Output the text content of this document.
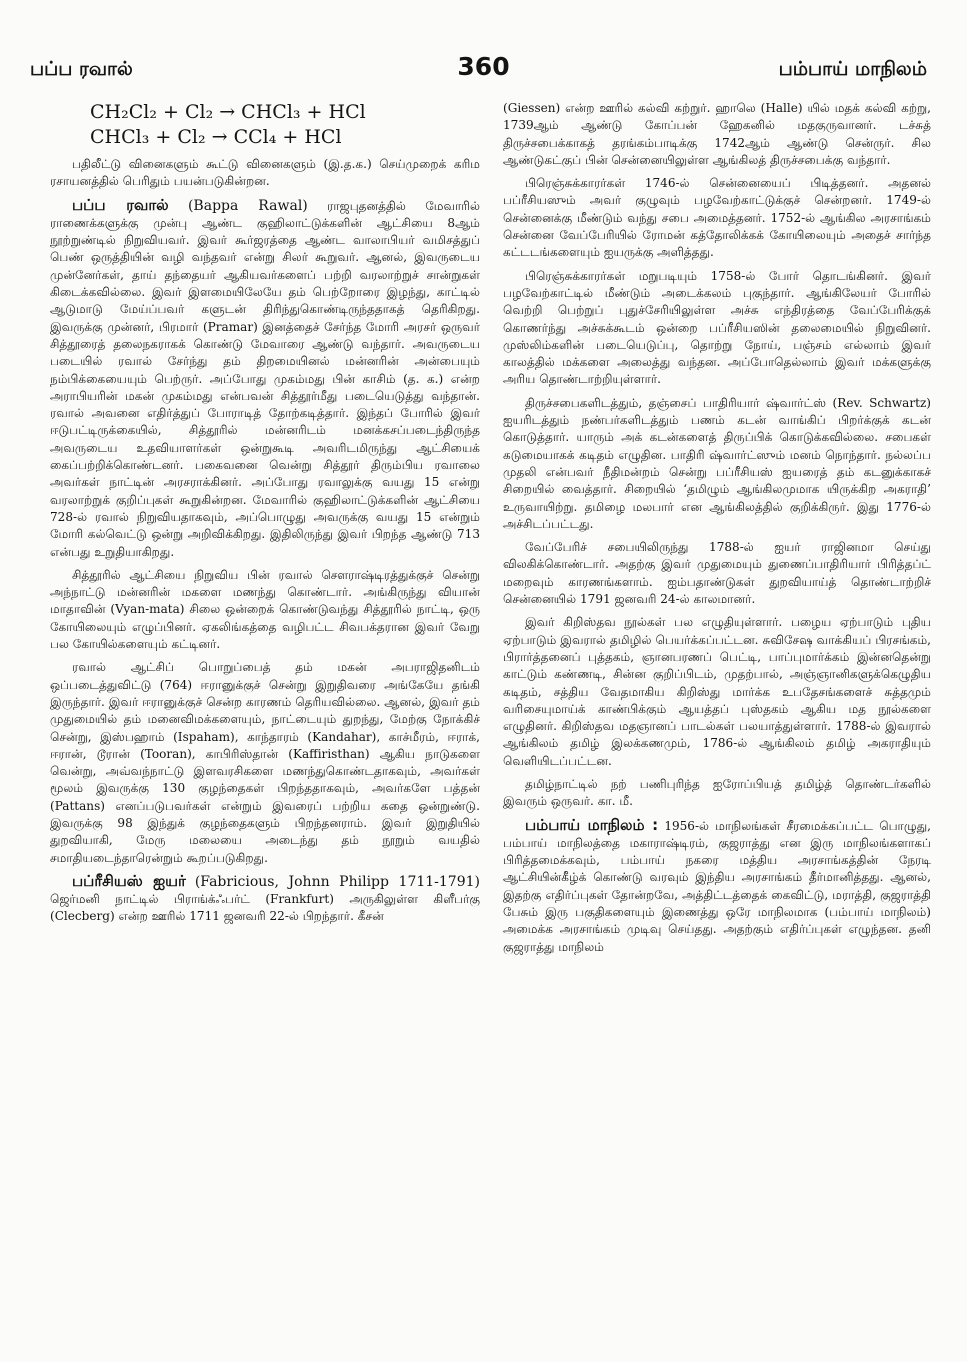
பப்ப ரவால்	360	பம்பாய் மாநிலம்
CH₂Cl₂ + Cl₂ → CHCl₃ + HCl
CHCl₃ + Cl₂ → CCl₄ + HCl

பதிலீட்டு வினைகளும் கூட்டு வினைகளும் (இ.த.க.) செய்முறைக் கரிம ரசாயனத்தில் பெரிதும் பயன்படுகின்றன.

பப்ப ரவால் (Bappa Rawal) ராஜபுதனத்தில் மேவாரில் ராணைக்களுக்கு முன்பு ஆண்ட குஹிலாட்டுக்களின் ஆட்சியை 8ஆம் நூற்றுண்டில் நிறுவியவர். இவர் கூர்ஜரத்தை ஆண்ட வாலாபியர் வமிசத்துப் பெண் ஒருத்தியின் வழி வந்தவர் என்று சிலர் கூறுவர். ஆனல், இவருடைய முன்னேர்கள், தாய் தந்தையர் ஆகியவர்களைப் பற்றி வரலாற்றுச் சான்றுகள் கிடைக்கவில்லை. இவர் இளமையிலேயே தம் பெற்றோரை இழந்து, காட்டில் ஆடுமாடு மேய்ப்பவர் களுடன் திரிந்துகொண்டிருந்ததாகத் தெரிகிறது. இவருக்கு முன்னர், பிரமார் (Pramar) இனத்தைச் சேர்ந்த மோரி அரசர் ஒருவர் சித்தூரைத் தலைநகராகக் கொண்டு மேவாரை ஆண்டு வந்தார். அவருடைய படையில் ரவால் சேர்ந்து தம் திறமையினல் மன்னரின் அன்பையும் நம்பிக்கையையும் பெற்ருர். அப்போது முகம்மது பின் காசிம் (த. க.) என்ற அராபியரின் மகன் முகம்மது என்பவன் சித்தூர்மீது படையெடுத்து வந்தான். ரவால் அவனை எதிர்த்துப் போராடித் தோற்கடித்தார். இந்தப் போரில் இவர் ஈடுபட்டிருக்கையில், சித்தூரில் மன்னரிடம் மனக்கசப்படைந்திருந்த அவருடைய உதவியாளர்கள் ஒன்றுகூடி அவரிடமிருந்து ஆட்சியைக் கைப்பற்றிக்கொண்டனர். பகைவனை வென்று சித்தூர் திரும்பிய ரவாலை அவர்கள் நாட்டின் அரசராக்கினர். அப்போது ரவாலுக்கு வயது 15 என்று வரலாற்றுக் குறிப்புகள் கூறுகின்றன. மேவாரில் குஹிலாட்டுக்களின் ஆட்சியை 728-ல் ரவால் நிறுவியதாகவும், அப்பொழுது அவருக்கு வயது 15 என்றும் மோரி கல்வெட்டு ஒன்று அறிவிக்கிறது. இதிலிருந்து இவர் பிறந்த ஆண்டு 713 என்பது உறுதியாகிறது.

சித்தூரில் ஆட்சியை நிறுவிய பின் ரவால் சௌராஷ்டிரத்துக்குச் சென்று அந்நாட்டு மன்னரின் மகளை மணந்து கொண்டார். அங்கிருந்து வியான் மாதாவின் (Vyan-mata) சிலை ஒன்றைக் கொண்டுவந்து சித்தூரில் நாட்டி, ஒரு கோயிலையும் எழுப்பினர். ஏகலிங்கத்தை வழிபட்ட சிவபக்தரான இவர் வேறு பல கோயில்களையும் கட்டினர்.

ரவால் ஆட்சிப் பொறுப்பைத் தம் மகன் அபராஜிதனிடம் ஒப்படைத்துவிட்டு (764) ஈரானுக்குச் சென்று இறுதிவரை அங்கேயே தங்கி இருந்தார். இவர் ஈரானுக்குச் சென்ற காரணம் தெரியவில்லை. ஆனல், இவர் தம் முதுமையில் தம் மனைவிமக்களையும், நாட்டையும் துறந்து, மேற்கு நோக்கிச் சென்று, இஸ்பஹாம் (Ispaham), காந்தாரம் (Kandahar), காச்மீரம், ஈராக், ஈரான், டூரான் (Tooran), காபிரிஸ்தான் (Kaffiristhan) ஆகிய நாடுகளை வென்று, அவ்வந்நாட்டு இளவரசிகளை மணந்துகொண்டதாகவும், அவர்கள் மூலம் இவருக்கு 130 குழந்தைகள் பிறந்ததாகவும், அவர்களே பத்தன் (Pattans) எனப்படுபவர்கள் என்றும் இவரைப் பற்றிய கதை ஒன்றுண்டு. இவருக்கு 98 இந்துக் குழந்தைகளும் பிறந்தனராம். இவர் இறுதியில் துறவியாகி, மேரு மலையை அடைந்து தம் நூறும் வயதில் சமாதியடைந்தாரென்றும் கூறப்படுகிறது.

பப்ரீசியஸ் ஐயர் (Fabricious, Johnn Philipp 1711-1791) ஜெர்மனி நாட்டில் பிராங்க்ஃபர்ட் (Frankfurt) அருகிலுள்ள கிளீபர்கு (Clecberg) என்ற ஊரில் 1711 ஜனவரி 22-ல் பிறந்தார். கீசன்

(Giessen) என்ற ஊரில் கல்வி கற்றுர். ஹாலெ (Halle) யில் மதக் கல்வி கற்று, 1739ஆம் ஆண்டு கோப்பன் ஹேகனில் மதகுருவானர். டச்சுத் திருச்சபைக்காகத் தரங்கம்பாடிக்கு 1742ஆம் ஆண்டு சென்ருர். சில ஆண்டுகட்குப் பின் சென்னையிலுள்ள ஆங்கிலத் திருச்சபைக்கு வந்தார்.

பிரெஞ்சுக்காரர்கள் 1746-ல் சென்னையைப் பிடித்தனர். அதனல் பப்ரீசியஸும் அவர் குழுவும் பழவேற்காட்டுக்குச் சென்றனர். 1749-ல் சென்னைக்கு மீண்டும் வந்து சபை அமைத்தனர். 1752-ல் ஆங்கில அரசாங்கம் சென்னை வேப்பேரியில் ரோமன் கத்தோலிக்கக் கோயிலையும் அதைச் சார்ந்த கட்டடங்களையும் ஐயருக்கு அளித்தது.

பிரெஞ்சுக்காரர்கள் மறுபடியும் 1758-ல் போர் தொடங்கினர். இவர் பழவேற்காட்டில் மீண்டும் அடைக்கலம் புகுந்தார். ஆங்கிலேயர் போரில் வெற்றி பெற்றுப் புதுச்சேரியிலுள்ள அச்சு எந்திரத்தை வேப்பேரிக்குக் கொணர்ந்து அச்சுக்கூடம் ஒன்றை பப்ரீசியஸின் தலைமையில் நிறுவினர். முஸ்லிம்களின் படையெடுப்பு, தொற்று நோய், பஞ்சம் எல்லாம் இவர் காலத்தில் மக்களை அலைத்து வந்தன. அப்போதெல்லாம் இவர் மக்களுக்கு அரிய தொண்டாற்றியுள்ளார்.

திருச்சபைகளிடத்தும், தஞ்சைப் பாதிரியார் ஷ்வார்ட்ஸ் (Rev. Schwartz) ஐயரிடத்தும் நண்பர்களிடத்தும் பணம் கடன் வாங்கிப் பிறர்க்குக் கடன் கொடுத்தார். யாரும் அக் கடன்களைத் திருப்பிக் கொடுக்கவில்லை. சபைகள் கடுமையாகக் கடிதம் எழுதின. பாதிரி ஷ்வார்ட்ஸும் மனம் நொந்தார். நல்லப்ப முதலி என்பவர் நீதிமன்றம் சென்று பப்ரீசியஸ் ஐயரைத் தம் கடனுக்காகச் சிறையில் வைத்தார். சிறையில் ‘தமிழும் ஆங்கிலமுமாக யிருக்கிற அகராதி’ உருவாயிற்று. தமிழை மலபார் என ஆங்கிலத்தில் குறிக்கிருர். இது 1776-ல் அச்சிடப்பட்டது.

வேப்பேரிச் சபையிலிருந்து 1788-ல் ஐயர் ராஜினமா செய்து விலகிக்கொண்டார். அதற்கு இவர் முதுமையும் துணைப்பாதிரியார் பிரித்தப்ட் மறைவும் காரணங்களாம். ஐம்பதாண்டுகள் துறவியாய்த் தொண்டாற்றிச் சென்னையில் 1791 ஜனவரி 24-ல் காலமானர்.

இவர் கிறிஸ்தவ நூல்கள் பல எழுதியுள்ளார். பழைய ஏற்பாடும் புதிய ஏற்பாடும் இவரால் தமிழில் பெயர்க்கப்பட்டன. சுவிசேஷ வாக்கியப் பிரசங்கம், பிரார்த்தனைப் புத்தகம், ஞானபரணப் பெட்டி, பாப்புமார்க்கம் இன்னதென்று காட்டும் கண்ணடி, சின்ன குறிப்பிடம், முதற்பால், அஞ்ஞானிகளுக்கெழுதிய கடிதம், சத்திய வேதமாகிய கிறிஸ்து மார்க்க உபதேசங்களைச் சுத்தமும் வரிசையுமாய்க் காண்பிக்கும் ஆயத்தப் புஸ்தகம் ஆகிய மத நூல்களை எழுதினர். கிறிஸ்தவ மதஞானப் பாடல்கள் பலயாத்துள்ளார். 1788-ல் இவரால் ஆங்கிலம் தமிழ் இலக்கணமும், 1786-ல் ஆங்கிலம் தமிழ் அகராதியும் வெளியிடப்பட்டன.

தமிழ்நாட்டில் நற் பணிபுரிந்த ஐரோப்பியத் தமிழ்த் தொண்டர்களில் இவரும் ஒருவர். கா. மீ.

பம்பாய் மாநிலம் : 1956-ல் மாநிலங்கள் சீரமைக்கப்பட்ட பொழுது, பம்பாய் மாநிலத்தை மகாராஷ்டிரம், குஜராத்து என இரு மாநிலங்களாகப் பிரித்தமைக்கவும், பம்பாய் நகரை மத்திய அரசாங்கத்தின் நேரடி ஆட்சியின்கீழ்க் கொண்டு வரவும் இந்திய அரசாங்கம் தீர்மானித்தது. ஆனல், இதற்கு எதிர்ப்புகள் தோன்றவே, அத்திட்டத்தைக் கைவிட்டு, மராத்தி, குஜராத்தி பேசும் இரு பகுதிகளையும் இணைத்து ஒரே மாநிலமாக (பம்பாய் மாநிலம்) அமைக்க அரசாங்கம் முடிவு செய்தது. அதற்கும் எதிர்ப்புகள் எழுந்தன. தனி குஜராத்து மாநிலம்
